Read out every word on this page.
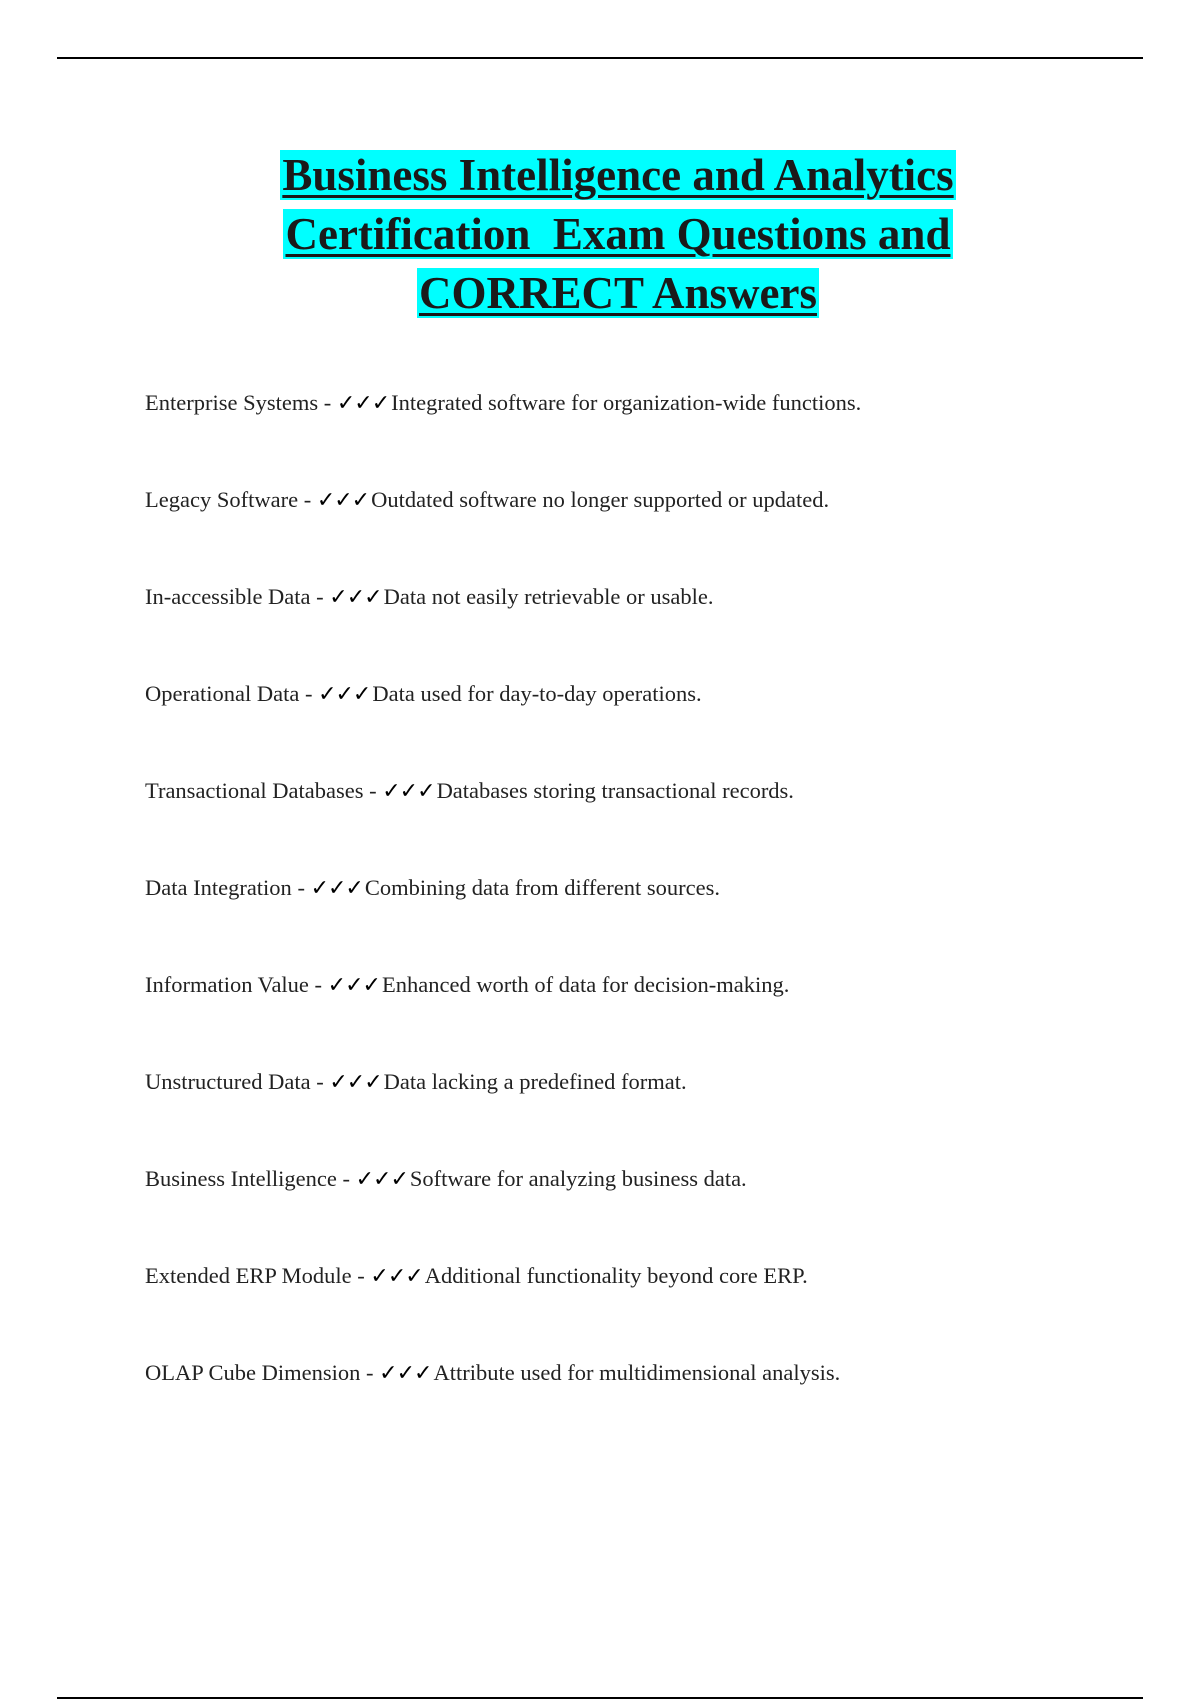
Business Intelligence and Analytics
Certification  Exam Questions and
CORRECT Answers
Enterprise Systems - ✓✓✓Integrated software for organization-wide functions.
Legacy Software - ✓✓✓Outdated software no longer supported or updated.
In-accessible Data - ✓✓✓Data not easily retrievable or usable.
Operational Data - ✓✓✓Data used for day-to-day operations.
Transactional Databases - ✓✓✓Databases storing transactional records.
Data Integration - ✓✓✓Combining data from different sources.
Information Value - ✓✓✓Enhanced worth of data for decision-making.
Unstructured Data - ✓✓✓Data lacking a predefined format.
Business Intelligence - ✓✓✓Software for analyzing business data.
Extended ERP Module - ✓✓✓Additional functionality beyond core ERP.
OLAP Cube Dimension - ✓✓✓Attribute used for multidimensional analysis.
